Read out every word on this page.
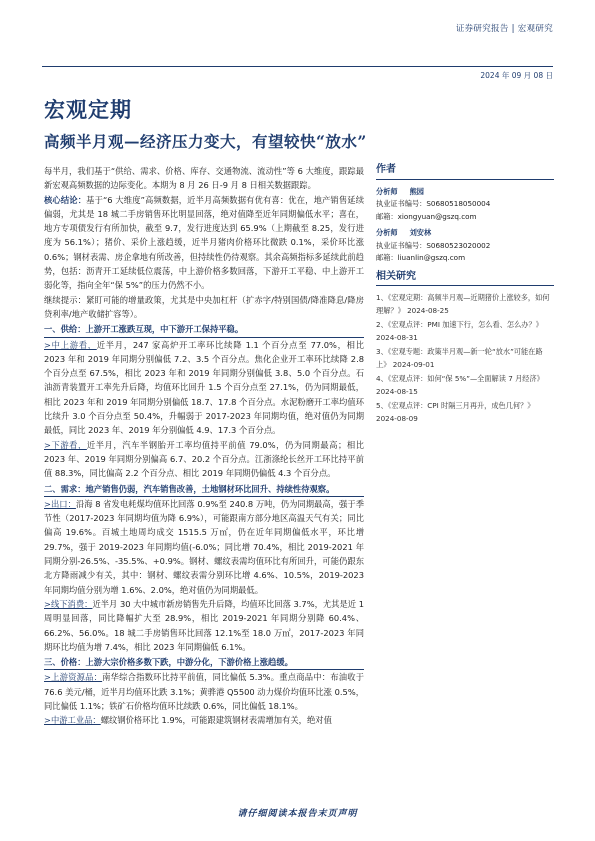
证券研究报告 | 宏观研究
2024 年 09 月 08 日
宏观定期
高频半月观—经济压力变大，有望较快“放水”

每半月，我们基于“供给、需求、价格、库存、交通物流、流动性”等 6 大维度，跟踪最新宏观高频数据的边际变化。本期为 8 月 26 日-9 月 8 日相关数据跟踪。

核心结论：基于“6 大维度”高频数据，近半月高频数据有优有喜：优在，地产销售延续偏弱，尤其是 18 城二手房销售环比明显回落，绝对值降至近年同期偏低水平；喜在，地方专项债发行有所加快，截至 9.7，发行进度达到 65.9%（上期截至 8.25，发行进度为 56.1%）；猪价、采价上涨趋缓，近半月猪肉价格环比微跌 0.1%，采价环比涨 0.6%；钢材表需、房企拿地有所改善，但持续性仍待观察。其余高频指标多延续此前趋势，包括：沥青开工延续低位震荡，中上游价格多数回落，下游开工平稳、中上游开工弱化等，指向全年“保 5%”的压力仍然不小。

继续提示：紧盯可能的增量政策，尤其是中央加杠杆（扩赤字/特别国债/降准降息/降房贷利率/地产收储扩容等）。

一、供给：上游开工涨跌互现，中下游开工保持平稳。

>中上游看，近半月，247 家高炉开工率环比续降 1.1 个百分点至 77.0%，相比 2023 年和 2019 年同期分别偏低 7.2、3.5 个百分点。焦化企业开工率环比续降 2.8 个百分点至 67.5%，相比 2023 年和 2019 年同期分别偏低 3.8、5.0 个百分点。石油沥青装置开工率先升后降，均值环比回升 1.5 个百分点至 27.1%，仍为同期最低，相比 2023 年和 2019 年同期分别偏低 18.7、17.8 个百分点。水泥粉磨开工率均值环比续升 3.0 个百分点至 50.4%，升幅弱于 2017-2023 年同期均值，绝对值仍为同期最低，同比 2023 年、2019 年分别偏低 4.9、17.3 个百分点。

>下游看，近半月，汽车半钢胎开工率均值持平前值 79.0%，仍为同期最高；相比 2023 年、2019 年同期分别偏高 6.7、20.2 个百分点。江浙涤纶长丝开工环比持平前值 88.3%，同比偏高 2.2 个百分点、相比 2019 年同期仍偏低 4.3 个百分点。

二、需求：地产销售仍弱，汽车销售改善，土地钢材环比回升、持续性待观察。

>出口：沿海 8 省发电耗煤均值环比回落 0.9%至 240.8 万吨，仍为同期最高，强于季节性（2017-2023 年同期均值为降 6.9%），可能跟南方部分地区高温天气有关；同比偏高 19.6%。百城土地周均成交 1515.5 万㎡，仍在近年同期偏低水平，环比增 29.7%，强于 2019-2023 年同期均值(-6.0%；同比增 70.4%，相比 2019-2021 年同期分别-26.5%、-35.5%、+0.9%。钢材、螺纹表需均值环比有所回升，可能仍跟东北方降雨减少有关，其中：钢材、螺纹表需分别环比增 4.6%、10.5%，2019-2023 年同期均值分别为增 1.6%、2.0%，绝对值仍为同期最低。

>线下消费：近半月 30 大中城市新房销售先升后降，均值环比回落 3.7%，尤其是近 1 周明显回落，同比降幅扩大至 28.9%，相比 2019-2021 年同期分别降 60.4%、66.2%、56.0%。18 城二手房销售环比回落 12.1%至 18.0 万㎡，2017-2023 年同期环比均值为增 7.4%，相比 2023 年同期偏低 6.1%。

三、价格：上游大宗价格多数下跌，中游分化，下游价格上涨趋缓。

>上游资源品：南华综合指数环比持平前值，同比偏低 5.3%。重点商品中：布油收于 76.6 美元/桶，近半月均值环比跌 3.1%；黄骅港 Q5500 动力煤价均值环比涨 0.5%，同比偏低 1.1%；铁矿石价格均值环比续跌 0.6%，同比偏低 18.1%。

>中游工业品：螺纹钢价格环比 1.9%，可能跟建筑钢材表需增加有关，绝对值

作者
分析师 熊园
执业证书编号：S0680518050004
邮箱：xiongyuan@gszq.com
分析师 刘安林
执业证书编号：S0680523020002
邮箱：liuanlin@gszq.com
相关研究
1、《宏观定期：高频半月观—近期猪价上涨较多，如何理解？》 2024-08-25
2、《宏观点评：PMI 加速下行，怎么看、怎么办？》 2024-08-31
3、《宏观专题：政策半月观—新一轮“放水”可能在路上》 2024-09-01
4、《宏观点评：如何“保 5%”—全面解读 7 月经济》 2024-08-15
5、《宏观点评：CPI 时隔三月再升，成色几何？》 2024-08-09
请仔细阅读本报告末页声明
